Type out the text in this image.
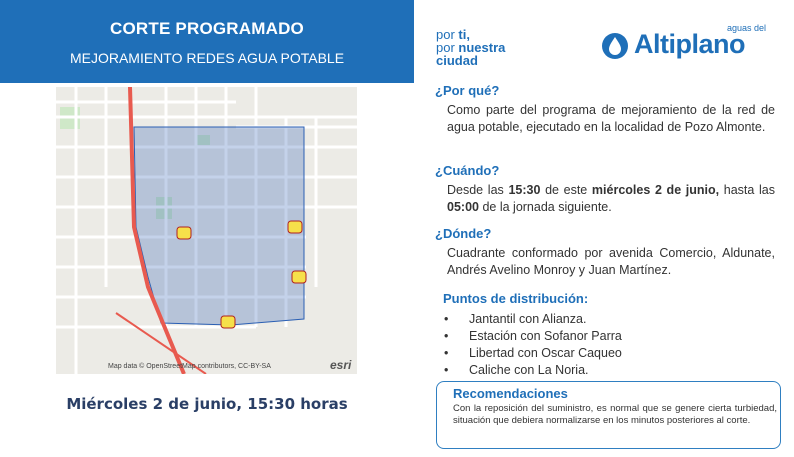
CORTE PROGRAMADO
MEJORAMIENTO REDES AGUA POTABLE
Map data © OpenStreetMap contributors, CC-BY-SA	esri
Miércoles 2 de junio, 15:30 horas
por ti,
por nuestra
ciudad
aguas del
Altiplano
¿Por qué?
Como parte del programa de mejoramiento de la red de agua potable, ejecutado en la localidad de Pozo Almonte.
¿Cuándo?
Desde las 15:30 de este miércoles 2 de junio, hasta las 05:00 de la jornada siguiente.
¿Dónde?
Cuadrante conformado por avenida Comercio, Aldunate, Andrés Avelino Monroy y Juan Martínez.
Puntos de distribución:
• Jantantil con Alianza.
• Estación con Sofanor Parra
• Libertad con Oscar Caqueo
• Caliche con La Noria.
Recomendaciones
Con la reposición del suministro, es normal que se genere cierta turbiedad, situación que debiera normalizarse en los minutos posteriores al corte.
